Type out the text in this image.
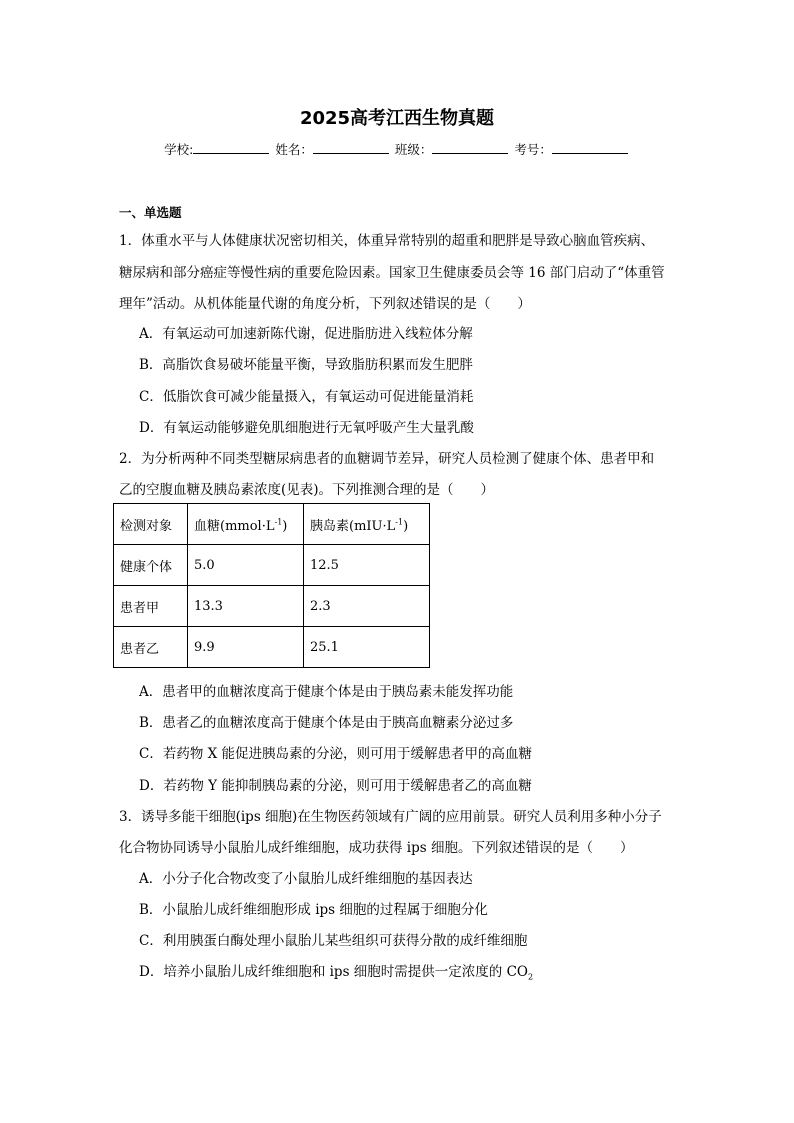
2025高考江西生物真题
学校:	姓名：	班级：	考号：
一、单选题
1．体重水平与人体健康状况密切相关，体重异常特别的超重和肥胖是导致心脑血管疾病、
糖尿病和部分癌症等慢性病的重要危险因素。国家卫生健康委员会等 16 部门启动了“体重管
理年”活动。从机体能量代谢的角度分析，下列叙述错误的是（　　）
A．有氧运动可加速新陈代谢，促进脂肪进入线粒体分解
B．高脂饮食易破坏能量平衡，导致脂肪积累而发生肥胖
C．低脂饮食可减少能量摄入，有氧运动可促进能量消耗
D．有氧运动能够避免肌细胞进行无氧呼吸产生大量乳酸
2．为分析两种不同类型糖尿病患者的血糖调节差异，研究人员检测了健康个体、患者甲和
乙的空腹血糖及胰岛素浓度(见表)。下列推测合理的是（　　）
检测对象	血糖$(mmol\cdot L^{-1})$	胰岛素$(mIU\cdot L^{-1})$
健康个体	5.0	12.5
患者甲	13.3	2.3
患者乙	9.9	25.1
A．患者甲的血糖浓度高于健康个体是由于胰岛素未能发挥功能
B．患者乙的血糖浓度高于健康个体是由于胰高血糖素分泌过多
C．若药物 X 能促进胰岛素的分泌，则可用于缓解患者甲的高血糖
D．若药物 Y 能抑制胰岛素的分泌，则可用于缓解患者乙的高血糖
3．诱导多能干细胞(ips 细胞)在生物医药领域有广阔的应用前景。研究人员利用多种小分子
化合物协同诱导小鼠胎儿成纤维细胞，成功获得 ips 细胞。下列叙述错误的是（　　）
A．小分子化合物改变了小鼠胎儿成纤维细胞的基因表达
B．小鼠胎儿成纤维细胞形成 ips 细胞的过程属于细胞分化
C．利用胰蛋白酶处理小鼠胎儿某些组织可获得分散的成纤维细胞
D．培养小鼠胎儿成纤维细胞和 ips 细胞时需提供一定浓度的 $CO_2$
